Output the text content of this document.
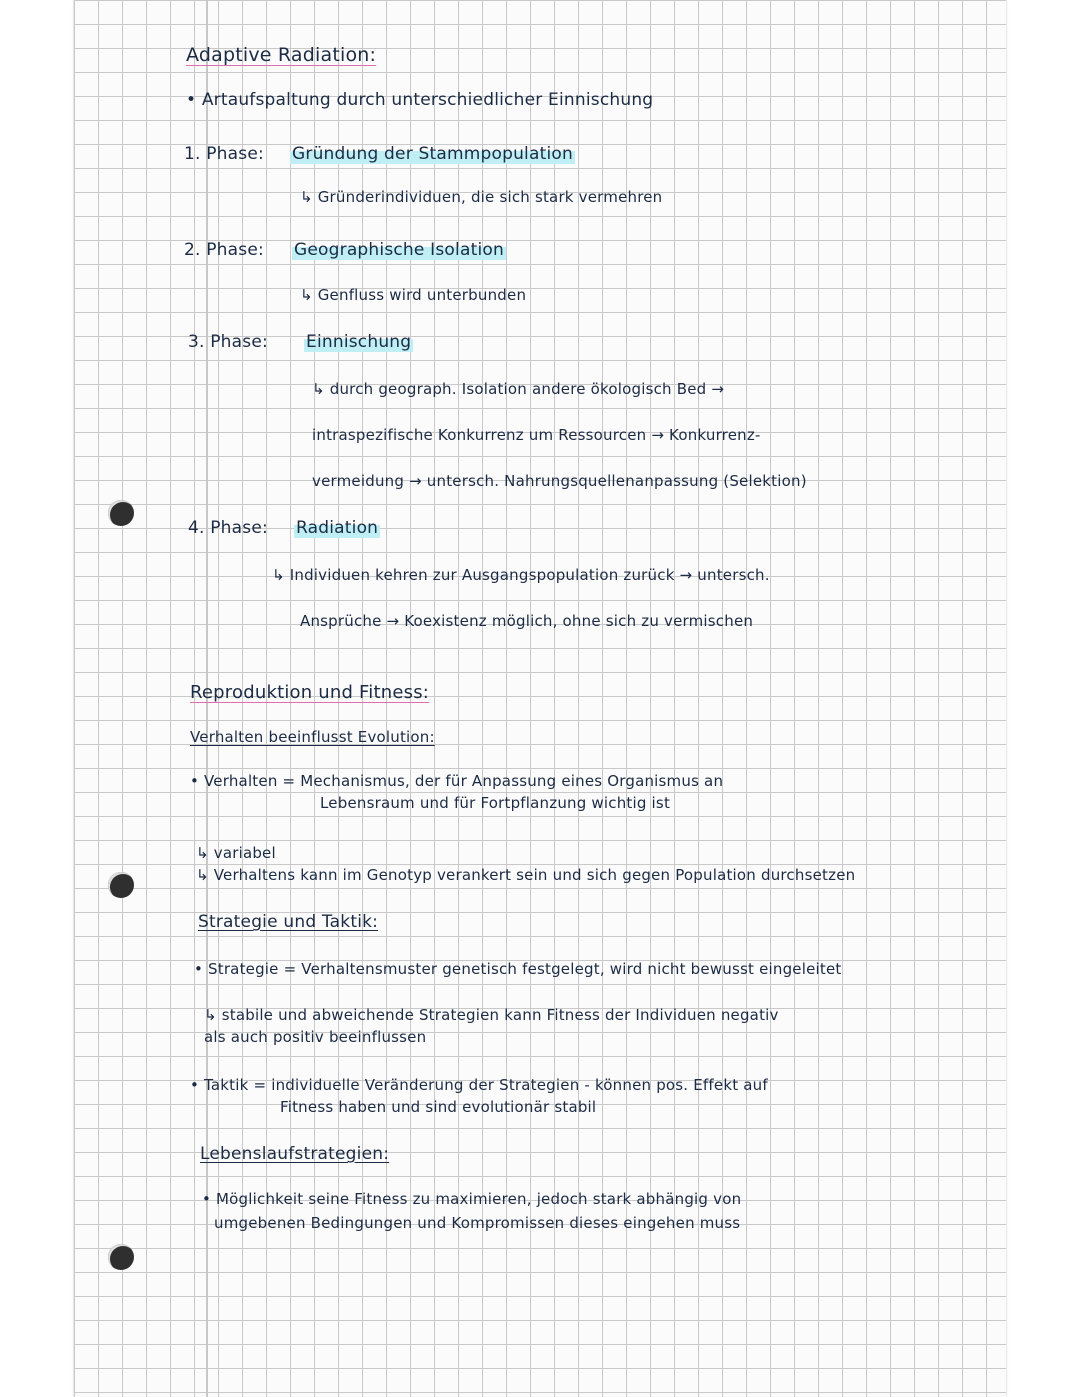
Adaptive Radiation:
• Artaufspaltung durch unterschiedlicher Einnischung
1. Phase: Gründung der Stammpopulation
↳ Gründerindividuen, die sich stark vermehren
2. Phase: Geographische Isolation
↳ Genfluss wird unterbunden
3. Phase: Einnischung
↳ durch geograph. Isolation andere ökologisch Bed →
intraspezifische Konkurrenz um Ressourcen → Konkurrenz-
vermeidung → untersch. Nahrungsquellenanpassung (Selektion)
4. Phase: Radiation
↳ Individuen kehren zur Ausgangspopulation zurück → untersch.
Ansprüche → Koexistenz möglich, ohne sich zu vermischen
Reproduktion und Fitness:
Verhalten beeinflusst Evolution:
• Verhalten = Mechanismus, der für Anpassung eines Organismus an
Lebensraum und für Fortpflanzung wichtig ist
↳ variabel
↳ Verhaltens kann im Genotyp verankert sein und sich gegen Population durchsetzen
Strategie und Taktik:
• Strategie = Verhaltensmuster genetisch festgelegt, wird nicht bewusst eingeleitet
↳ stabile und abweichende Strategien kann Fitness der Individuen negativ
als auch positiv beeinflussen
• Taktik = individuelle Veränderung der Strategien - können pos. Effekt auf
Fitness haben und sind evolutionär stabil
Lebenslaufstrategien:
• Möglichkeit seine Fitness zu maximieren, jedoch stark abhängig von
umgebenen Bedingungen und Kompromissen dieses eingehen muss
